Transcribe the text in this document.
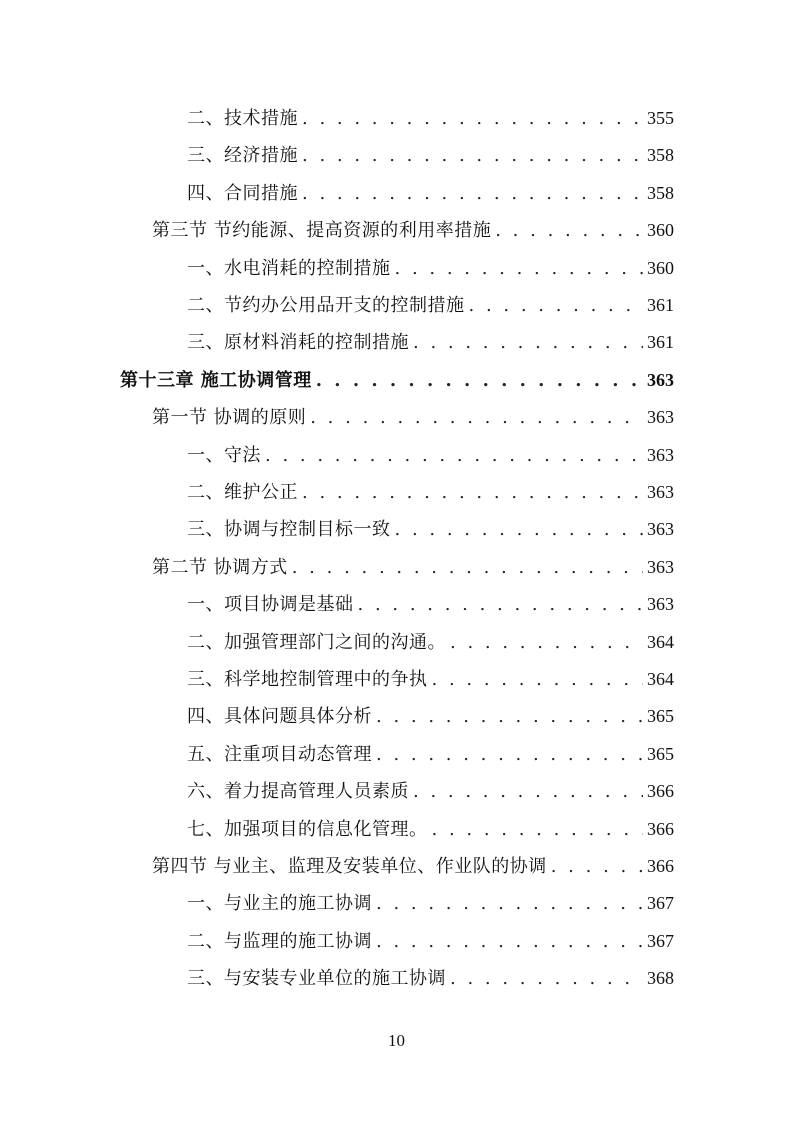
二、技术措施 . . .	355
三、经济措施 . . .	358
四、合同措施 . . .	358
第三节 节约能源、提高资源的利用率措施 . . .	360
一、水电消耗的控制措施 . . .	360
二、节约办公用品开支的控制措施 . . .	361
三、原材料消耗的控制措施 . . .	361
第十三章 施工协调管理 . . .	363
第一节 协调的原则 . . .	363
一、守法 . . .	363
二、维护公正 . . .	363
三、协调与控制目标一致 . . .	363
第二节 协调方式 . . .	363
一、项目协调是基础 . . .	363
二、加强管理部门之间的沟通。 . . .	364
三、科学地控制管理中的争执 . . .	364
四、具体问题具体分析 . . .	365
五、注重项目动态管理 . . .	365
六、着力提高管理人员素质 . . .	366
七、加强项目的信息化管理。 . . .	366
第四节 与业主、监理及安装单位、作业队的协调 . . .	366
一、与业主的施工协调 . . .	367
二、与监理的施工协调 . . .	367
三、与安装专业单位的施工协调 . . .	368
10
